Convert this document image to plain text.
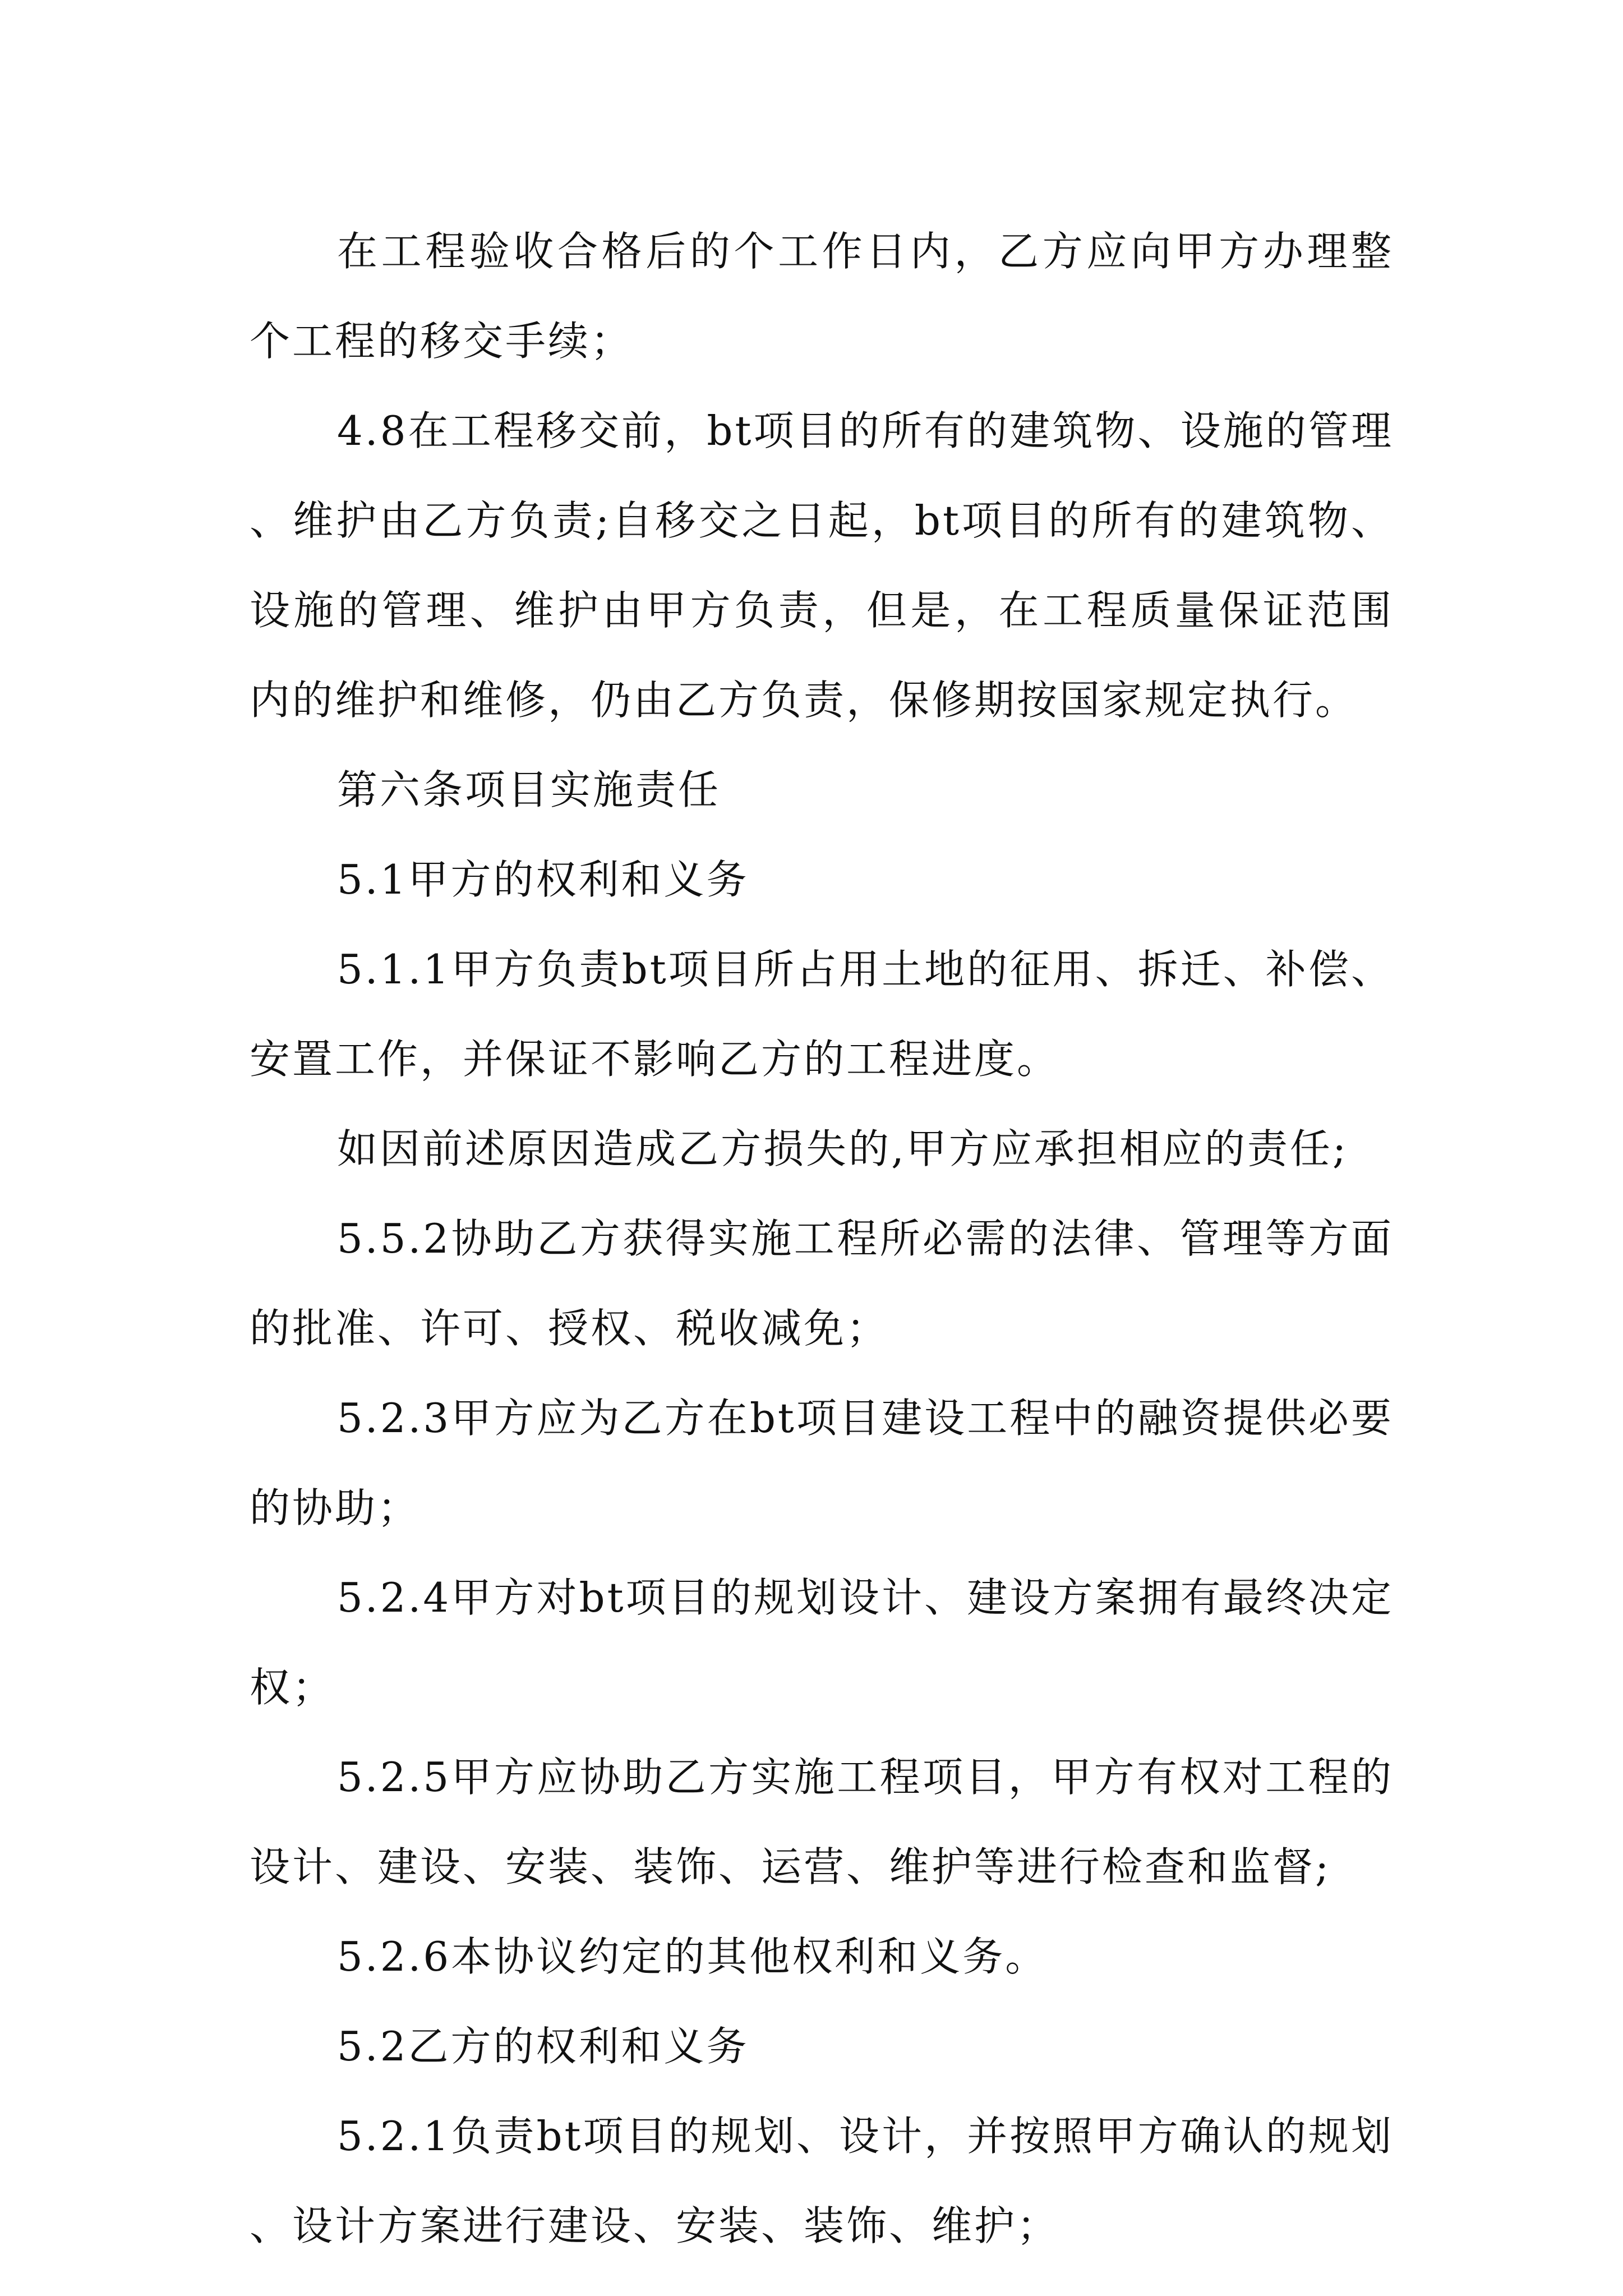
在工程验收合格后的个工作日内，乙方应向甲方办理整个工程的移交手续；

4.8在工程移交前，bt项目的所有的建筑物、设施的管理、维护由乙方负责;自移交之日起，bt项目的所有的建筑物、设施的管理、维护由甲方负责，但是，在工程质量保证范围内的维护和维修，仍由乙方负责，保修期按国家规定执行。

第六条项目实施责任

5.1甲方的权利和义务

5.1.1甲方负责bt项目所占用土地的征用、拆迁、补偿、安置工作，并保证不影响乙方的工程进度。

如因前述原因造成乙方损失的,甲方应承担相应的责任;

5.5.2协助乙方获得实施工程所必需的法律、管理等方面的批准、许可、授权、税收减免；

5.2.3甲方应为乙方在bt项目建设工程中的融资提供必要的协助；

5.2.4甲方对bt项目的规划设计、建设方案拥有最终决定权；

5.2.5甲方应协助乙方实施工程项目，甲方有权对工程的设计、建设、安装、装饰、运营、维护等进行检查和监督;

5.2.6本协议约定的其他权利和义务。

5.2乙方的权利和义务

5.2.1负责bt项目的规划、设计，并按照甲方确认的规划、设计方案进行建设、安装、装饰、维护；
